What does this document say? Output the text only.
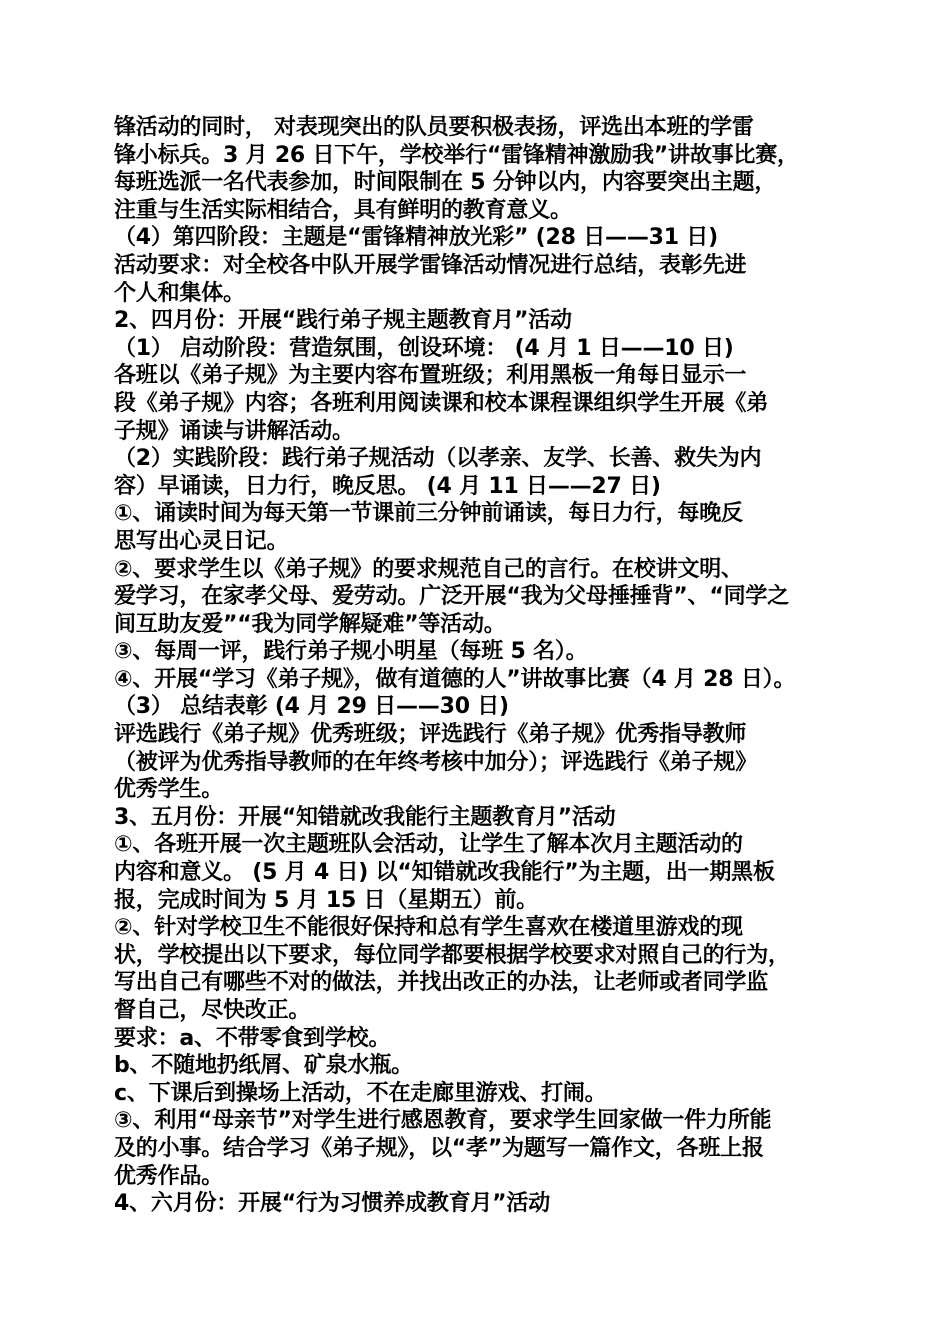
锋活动的同时， 对表现突出的队员要积极表扬，评选出本班的学雷
锋小标兵。3 月 26 日下午，学校举行“雷锋精神激励我”讲故事比赛，
每班选派一名代表参加，时间限制在 5 分钟以内，内容要突出主题，
注重与生活实际相结合，具有鲜明的教育意义。
（4）第四阶段：主题是“雷锋精神放光彩” (28 日——31 日)
活动要求：对全校各中队开展学雷锋活动情况进行总结，表彰先进
个人和集体。
2、四月份：开展“践行弟子规主题教育月”活动
（1） 启动阶段：营造氛围，创设环境： (4 月 1 日——10 日)
各班以《弟子规》为主要内容布置班级；利用黑板一角每日显示一
段《弟子规》内容；各班利用阅读课和校本课程课组织学生开展《弟
子规》诵读与讲解活动。
（2）实践阶段：践行弟子规活动（以孝亲、友学、长善、救失为内
容）早诵读，日力行，晚反思。 (4 月 11 日——27 日)
①、诵读时间为每天第一节课前三分钟前诵读，每日力行，每晚反
思写出心灵日记。
②、要求学生以《弟子规》的要求规范自己的言行。在校讲文明、
爱学习，在家孝父母、爱劳动。广泛开展“我为父母捶捶背”、“同学之
间互助友爱”“我为同学解疑难”等活动。
③、每周一评，践行弟子规小明星（每班 5 名）。
④、开展“学习《弟子规》，做有道德的人”讲故事比赛（4 月 28 日）。
（3） 总结表彰 (4 月 29 日——30 日)
评选践行《弟子规》优秀班级；评选践行《弟子规》优秀指导教师
（被评为优秀指导教师的在年终考核中加分）；评选践行《弟子规》
优秀学生。
3、五月份：开展“知错就改我能行主题教育月”活动
①、各班开展一次主题班队会活动，让学生了解本次月主题活动的
内容和意义。 (5 月 4 日) 以“知错就改我能行”为主题，出一期黑板
报，完成时间为 5 月 15 日（星期五）前。
②、针对学校卫生不能很好保持和总有学生喜欢在楼道里游戏的现
状，学校提出以下要求，每位同学都要根据学校要求对照自己的行为，
写出自己有哪些不对的做法，并找出改正的办法，让老师或者同学监
督自己，尽快改正。
要求：a、不带零食到学校。
b、不随地扔纸屑、矿泉水瓶。
c、下课后到操场上活动，不在走廊里游戏、打闹。
③、利用“母亲节”对学生进行感恩教育，要求学生回家做一件力所能
及的小事。结合学习《弟子规》，以“孝”为题写一篇作文，各班上报
优秀作品。
4、六月份：开展“行为习惯养成教育月”活动
